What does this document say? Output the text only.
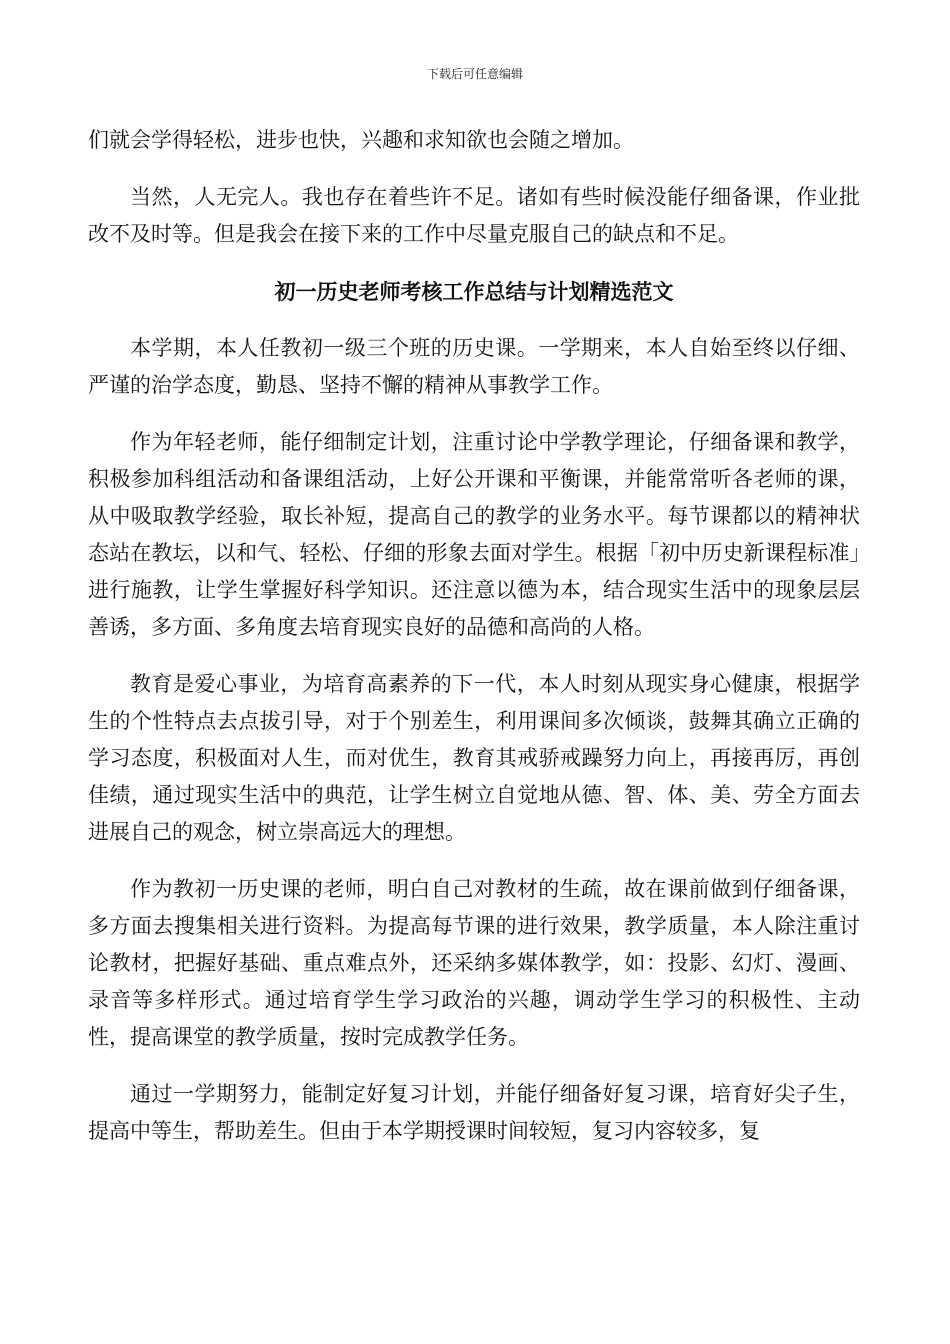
下载后可任意编辑

们就会学得轻松，进步也快，兴趣和求知欲也会随之增加。

当然，人无完人。我也存在着些许不足。诸如有些时候没能仔细备课，作业批改不及时等。但是我会在接下来的工作中尽量克服自己的缺点和不足。

初一历史老师考核工作总结与计划精选范文

本学期，本人任教初一级三个班的历史课。一学期来，本人自始至终以仔细、严谨的治学态度，勤恳、坚持不懈的精神从事教学工作。

作为年轻老师，能仔细制定计划，注重讨论中学教学理论，仔细备课和教学，积极参加科组活动和备课组活动，上好公开课和平衡课，并能常常听各老师的课，从中吸取教学经验，取长补短，提高自己的教学的业务水平。每节课都以的精神状态站在教坛，以和气、轻松、仔细的形象去面对学生。根据「初中历史新课程标准」进行施教，让学生掌握好科学知识。还注意以德为本，结合现实生活中的现象层层善诱，多方面、多角度去培育现实良好的品德和高尚的人格。

教育是爱心事业，为培育高素养的下一代，本人时刻从现实身心健康，根据学生的个性特点去点拔引导，对于个别差生，利用课间多次倾谈，鼓舞其确立正确的学习态度，积极面对人生，而对优生，教育其戒骄戒躁努力向上，再接再厉，再创佳绩，通过现实生活中的典范，让学生树立自觉地从德、智、体、美、劳全方面去进展自己的观念，树立崇高远大的理想。

作为教初一历史课的老师，明白自己对教材的生疏，故在课前做到仔细备课，多方面去搜集相关进行资料。为提高每节课的进行效果，教学质量，本人除注重讨论教材，把握好基础、重点难点外，还采纳多媒体教学，如：投影、幻灯、漫画、录音等多样形式。通过培育学生学习政治的兴趣，调动学生学习的积极性、主动性，提高课堂的教学质量，按时完成教学任务。

通过一学期努力，能制定好复习计划，并能仔细备好复习课，培育好尖子生，提高中等生，帮助差生。但由于本学期授课时间较短，复习内容较多，复
